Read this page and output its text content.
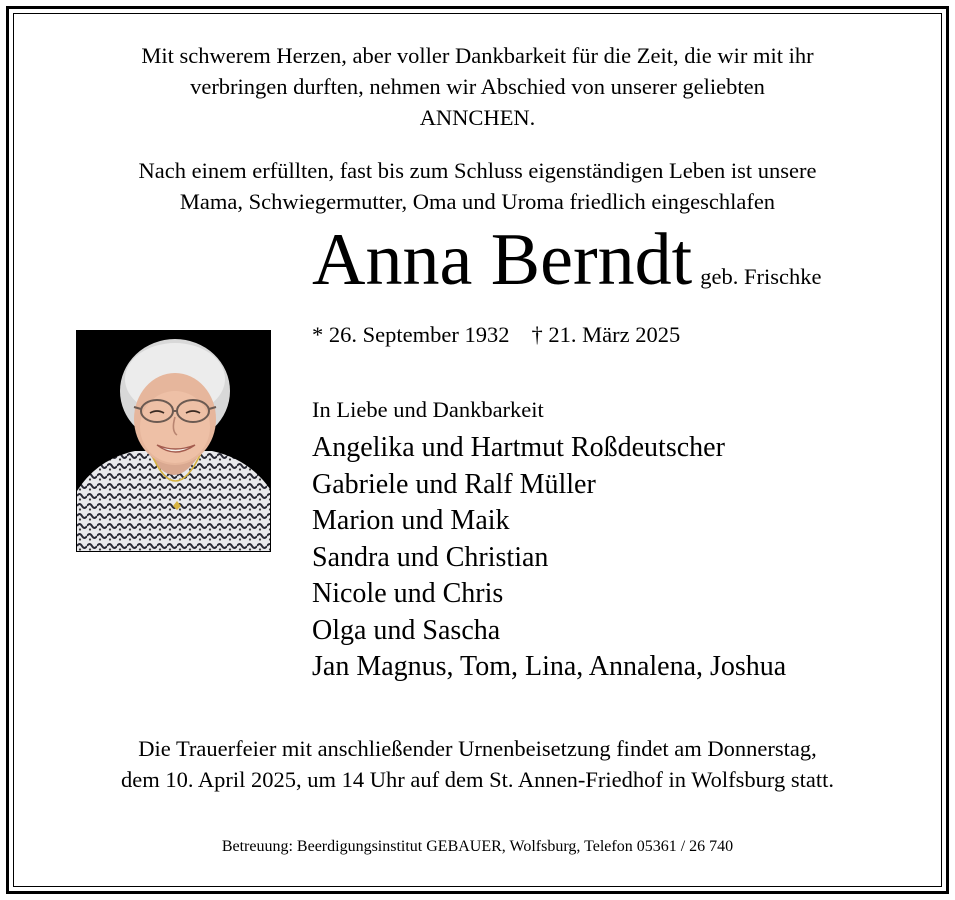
Mit schwerem Herzen, aber voller Dankbarkeit für die Zeit, die wir mit ihr
verbringen durften, nehmen wir Abschied von unserer geliebten
ANNCHEN.
Nach einem erfüllten, fast bis zum Schluss eigenständigen Leben ist unsere
Mama, Schwiegermutter, Oma und Uroma friedlich eingeschlafen
Anna Berndt geb. Frischke
* 26. September 1932 † 21. März 2025
In Liebe und Dankbarkeit
Angelika und Hartmut Roßdeutscher
Gabriele und Ralf Müller
Marion und Maik
Sandra und Christian
Nicole und Chris
Olga und Sascha
Jan Magnus, Tom, Lina, Annalena, Joshua
Die Trauerfeier mit anschließender Urnenbeisetzung findet am Donnerstag,
dem 10. April 2025, um 14 Uhr auf dem St. Annen-Friedhof in Wolfsburg statt.
Betreuung: Beerdigungsinstitut GEBAUER, Wolfsburg, Telefon 05361 / 26 740
